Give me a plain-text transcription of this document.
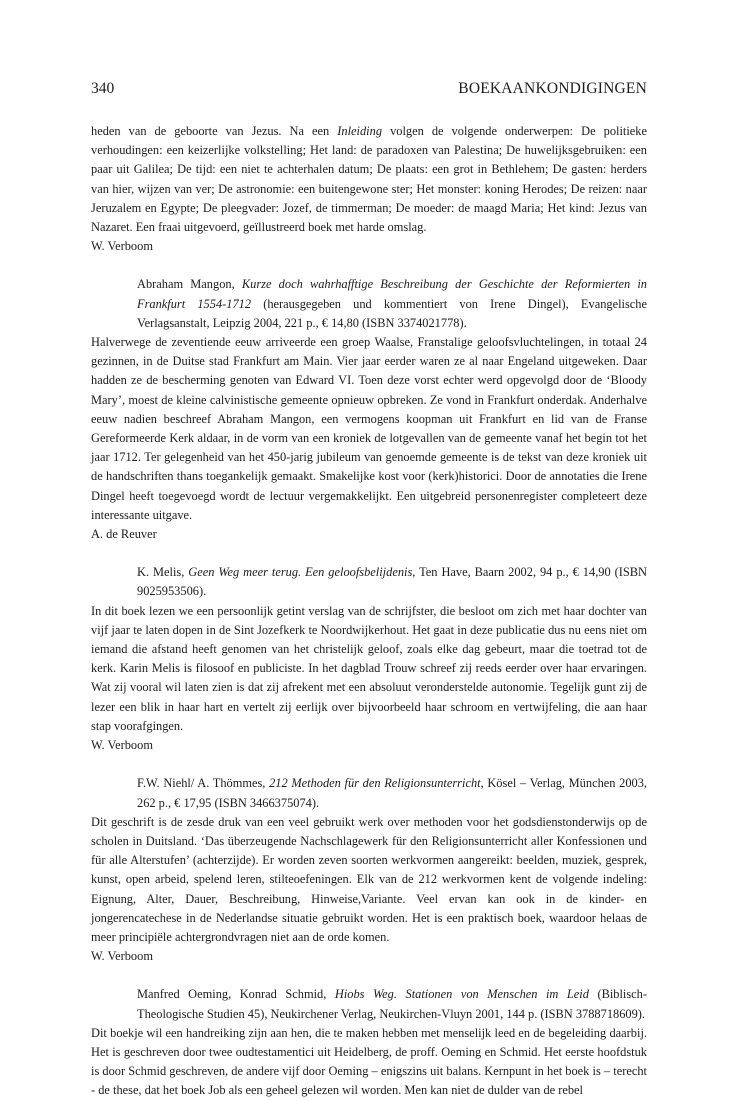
340	BOEKAANKONDIGINGEN

heden van de geboorte van Jezus. Na een Inleiding volgen de volgende onderwerpen: De politieke verhoudingen: een keizerlijke volkstelling; Het land: de paradoxen van Palestina; De huwelijksgebruiken: een paar uit Galilea; De tijd: een niet te achterhalen datum; De plaats: een grot in Bethlehem; De gasten: herders van hier, wijzen van ver; De astronomie: een buitengewone ster; Het monster: koning Herodes; De reizen: naar Jeruzalem en Egypte; De pleegvader: Jozef, de timmerman; De moeder: de maagd Maria; Het kind: Jezus van Nazaret. Een fraai uitgevoerd, geïllustreerd boek met harde omslag.

W. Verboom

Abraham Mangon, Kurze doch wahrhafftige Beschreibung der Geschichte der Reformierten in Frankfurt 1554-1712 (herausgegeben und kommentiert von Irene Dingel), Evangelische Verlagsanstalt, Leipzig 2004, 221 p., € 14,80 (ISBN 3374021778).

Halverwege de zeventiende eeuw arriveerde een groep Waalse, Franstalige geloofsvluchtelingen, in totaal 24 gezinnen, in de Duitse stad Frankfurt am Main. Vier jaar eerder waren ze al naar Engeland uitgeweken. Daar hadden ze de bescherming genoten van Edward VI. Toen deze vorst echter werd opgevolgd door de ‘Bloody Mary’, moest de kleine calvinistische gemeente opnieuw opbreken. Ze vond in Frankfurt onderdak. Anderhalve eeuw nadien beschreef Abraham Mangon, een vermogens koopman uit Frankfurt en lid van de Franse Gereformeerde Kerk aldaar, in de vorm van een kroniek de lotgevallen van de gemeente vanaf het begin tot het jaar 1712. Ter gelegenheid van het 450-jarig jubileum van genoemde gemeente is de tekst van deze kroniek uit de handschriften thans toegankelijk gemaakt. Smakelijke kost voor (kerk)historici. Door de annotaties die Irene Dingel heeft toegevoegd wordt de lectuur vergemakkelijkt. Een uitgebreid personenregister completeert deze interessante uitgave.

A. de Reuver

K. Melis, Geen Weg meer terug. Een geloofsbelijdenis, Ten Have, Baarn 2002, 94 p., € 14,90 (ISBN 9025953506).

In dit boek lezen we een persoonlijk getint verslag van de schrijfster, die besloot om zich met haar dochter van vijf jaar te laten dopen in de Sint Jozefkerk te Noordwijkerhout. Het gaat in deze publicatie dus nu eens niet om iemand die afstand heeft genomen van het christelijk geloof, zoals elke dag gebeurt, maar die toetrad tot de kerk. Karin Melis is filosoof en publiciste. In het dagblad Trouw schreef zij reeds eerder over haar ervaringen. Wat zij vooral wil laten zien is dat zij afrekent met een absoluut veronderstelde autonomie. Tegelijk gunt zij de lezer een blik in haar hart en vertelt zij eerlijk over bijvoorbeeld haar schroom en vertwijfeling, die aan haar stap voorafgingen.

W. Verboom

F.W. Niehl/ A. Thömmes, 212 Methoden für den Religionsunterricht, Kösel – Verlag, München 2003, 262 p., € 17,95 (ISBN 3466375074).

Dit geschrift is de zesde druk van een veel gebruikt werk over methoden voor het godsdienstonderwijs op de scholen in Duitsland. ‘Das überzeugende Nachschlagewerk für den Religionsunterricht aller Konfessionen und für alle Alterstufen’ (achterzijde). Er worden zeven soorten werkvormen aangereikt: beelden, muziek, gesprek, kunst, open arbeid, spelend leren, stilteoefeningen. Elk van de 212 werkvormen kent de volgende indeling: Eignung, Alter, Dauer, Beschreibung, Hinweise,Variante. Veel ervan kan ook in de kinder- en jongerencatechese in de Nederlandse situatie gebruikt worden. Het is een praktisch boek, waardoor helaas de meer principiële achtergrondvragen niet aan de orde komen.

W. Verboom

Manfred Oeming, Konrad Schmid, Hiobs Weg. Stationen von Menschen im Leid (Biblisch-Theologische Studien 45), Neukirchener Verlag, Neukirchen-Vluyn 2001, 144 p. (ISBN 3788718609).

Dit boekje wil een handreiking zijn aan hen, die te maken hebben met menselijk leed en de begeleiding daarbij. Het is geschreven door twee oudtestamentici uit Heidelberg, de proff. Oeming en Schmid. Het eerste hoofdstuk is door Schmid geschreven, de andere vijf door Oeming – enigszins uit balans. Kernpunt in het boek is – terecht - de these, dat het boek Job als een geheel gelezen wil worden. Men kan niet de dulder van de rebel
